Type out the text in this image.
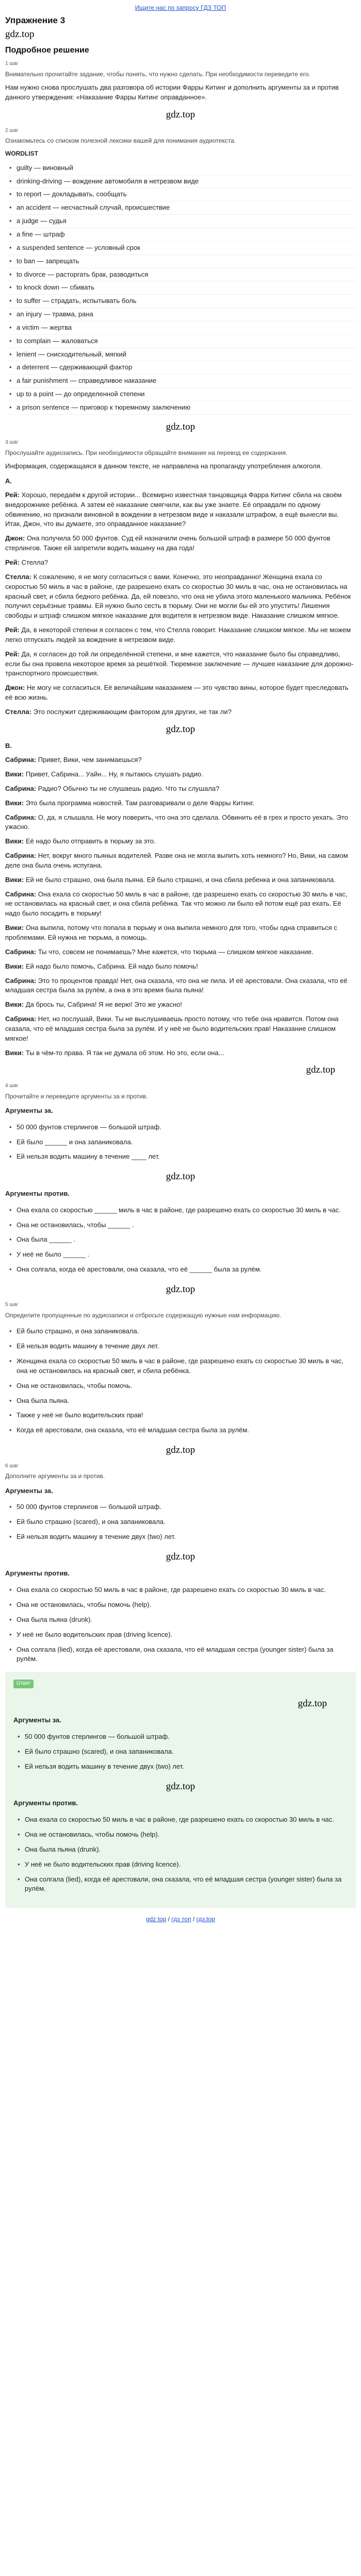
Ищите нас по запросу ГДЗ ТОП
Упражнение 3
gdz.top
Подробное решение
1 шаг
Внимательно прочитайте задание, чтобы понять, что нужно сделать. При необходимости переведите его.

Нам нужно снова прослушать два разговора об истории Фарры Китинг и дополнить аргументы за и против данного утверждения: «Наказание Фарры Китинг оправданное».

gdz.top
2 шаг
Ознакомьтесь со списком полезной лексики вашей для понимания аудиотекста.
WORDLIST
• guilty — виновный
• drinking-driving — вождение автомобиля в нетрезвом виде
• to report — докладывать, сообщать
• an accident — несчастный случай, происшествие
• a judge — судья
• a fine — штраф
• a suspended sentence — условный срок
• to ban — запрещать
• to divorce — расторгать брак, разводиться
• to knock down — сбивать
• to suffer — страдать, испытывать боль
• an injury — травма, рана
• a victim — жертва
• to complain — жаловаться
• lenient — снисходительный, мягкий
• a deterrent — сдерживающий фактор
• a fair punishment — справедливое наказание
• up to a point — до определенной степени
• a prison sentence — приговор к тюремному заключению
gdz.top
3 шаг
Прослушайте аудиозапись. При необходимости обращайте внимание на перевод ее содержания.

Информация, содержащаяся в данном тексте, не направлена на пропаганду употребления алкоголя.

A.

Рей: Хорошо, передаём к другой истории... Всемирно известная танцовщица Фарра Китинг сбила на своём внедорожнике ребёнка. А затем её наказание смягчили, как вы уже знаете. Её оправдали по одному обвинению, но признали виновной в вождении в нетрезвом виде и наказали штрафом, а ещё вынесли вы. Итак, Джон, что вы думаете, это оправданное наказание?

Джон: Она получила 50 000 фунтов. Суд ей назначили очень большой штраф в размере 50 000 фунтов стерлингов. Также ей запретили водить машину на два года!

Рей: Стелла?

Стелла: К сожалению, я не могу согласиться с вами. Конечно, это неоправданно! Женщина ехала со скоростью 50 миль в час в районе, где разрешено ехать со скоростью 30 миль в час, она не остановилась на красный свет, и сбила бедного ребёнка. Да, ей повезло, что она не убила этого маленького мальчика. Ребёнок получил серьёзные травмы. Ей нужно было сесть в тюрьму. Они не могли бы ей это упустить! Лишения свободы и штраф слишком мягкое наказание для водителя в нетрезвом виде. Наказание слишком мягкое.

Рей: Да, в некоторой степени я согласен с тем, что Стелла говорит. Наказание слишком мягкое. Мы не можем легко отпускать людей за вождение в нетрезвом виде.

Рей: Да, я согласен до той ли определённой степени, и мне кажется, что наказание было бы справедливо, если бы она провела некоторое время за решёткой. Тюремное заключение — лучшее наказание для дорожно-транспортного происшествия.

Джон: Не могу не согласиться. Её величайшим наказанием — это чувство вины, которое будет преследовать её всю жизнь.

Стелла: Это послужит сдерживающим фактором для других, не так ли?

gdz.top
B.

Сабрина: Привет, Вики, чем занимаешься?

Вики: Привет, Сабрина... Уайн... Ну, я пытаюсь слушать радио.

Сабрина: Радио? Обычно ты не слушаешь радио. Что ты слушала?

Вики: Это была программа новостей. Там разговаривали о деле Фарры Китинг.

Сабрина: О, да, я слышала. Не могу поверить, что она это сделала. Обвинить её в грех и просто уехать. Это ужасно.

Вики: Её надо было отправить в тюрьму за это.

Сабрина: Нет, вокруг много пьяных водителей. Разве она не могла выпить хоть немного? Но, Вики, на самом деле она была очень испугана.

Вики: Ей не было страшно, она была пьяна. Ей было страшно, и она сбила ребенка и она запаниковала.

Сабрина: Она ехала со скоростью 50 миль в час в районе, где разрешено ехать со скоростью 30 миль в час, не остановилась на красный свет, и она сбила ребёнка. Так что можно ли было ей потом ещё раз ехать. Её надо было посадить в тюрьму!

Вики: Она выпила, потому что попала в тюрьму и она выпила немного для того, чтобы одна справиться с проблемами. Ей нужна не тюрьма, а помощь.

Сабрина: Ты что, совсем не понимаешь? Мне кажется, что тюрьма — слишком мягкое наказание.

Вики: Ей надо было помочь, Сабрина. Ей надо было помочь!

Сабрина: Это то процентов правда! Нет, она сказала, что она не пила. И её арестовали. Она сказала, что её младшая сестра была за рулём, а она в это время была пьяна!

Вики: Да брось ты, Сабрина! Я не верю! Это же ужасно!

Сабрина: Нет, но послушай, Вики. Ты не выслушиваешь просто потому, что тебе она нравится. Потом она сказала, что её младшая сестра была за рулём. И у неё не было водительских прав! Наказание слишком мягкое!

Вики: Ты в чём-то права. Я так не думала об этом. Но это, если она...

gdz.top
4 шаг
Прочитайте и переведите аргументы за и против.
Аргументы за.
• 50 000 фунтов стерлингов — большой штраф.
• Ей было ______ и она запаниковала.
• Ей нельзя водить машину в течение ____ лет.
gdz.top
Аргументы против.
• Она ехала со скоростью ______ миль в час в районе, где разрешено ехать со скоростью 30 миль в час.
• Она не остановилась, чтобы ______ .
• Она была ______ .
• У неё не было ______ .
• Она солгала, когда её арестовали, она сказала, что её ______ была за рулём.
gdz.top
5 шаг
Определите пропущенные по аудиозаписи и отбросьте содержащую нужные нам информацию.
• Ей было страшно, и она запаниковала.
• Ей нельзя водить машину в течение двух лет.
• Женщина ехала со скоростью 50 миль в час в районе, где разрешено ехать со скоростью 30 миль в час, она не остановилась на красный свет, и сбила ребёнка.
• Она не остановилась, чтобы помочь.
• Она была пьяна.
• Также у неё не было водительских прав!
• Когда её арестовали, она сказала, что её младшая сестра была за рулём.
gdz.top
6 шаг
Дополните аргументы за и против.
Аргументы за.
• 50 000 фунтов стерлингов — большой штраф.
• Ей было страшно (scared), и она запаниковала.
• Ей нельзя водить машину в течение двух (two) лет.
gdz.top
Аргументы против.
• Она ехала со скоростью 50 миль в час в районе, где разрешено ехать со скоростью 30 миль в час.
• Она не остановилась, чтобы помочь (help).
• Она была пьяна (drunk).
• У неё не было водительских прав (driving licence).
• Она солгала (lied), когда её арестовали, она сказала, что её младшая сестра (younger sister) была за рулём.
Ответ
gdz.top
Аргументы за.
• 50 000 фунтов стерлингов — большой штраф.
• Ей было страшно (scared), и она запаниковала.
• Ей нельзя водить машину в течение двух (two) лет.
gdz.top
Аргументы против.
• Она ехала со скоростью 50 миль в час в районе, где разрешено ехать со скоростью 30 миль в час.
• Она не остановилась, чтобы помочь (help).
• Она была пьяна (drunk).
• У неё не было водительских прав (driving licence).
• Она солгала (lied), когда её арестовали, она сказала, что её младшая сестра (younger sister) была за рулём.
gdz top / гдз топ / гдз.top
